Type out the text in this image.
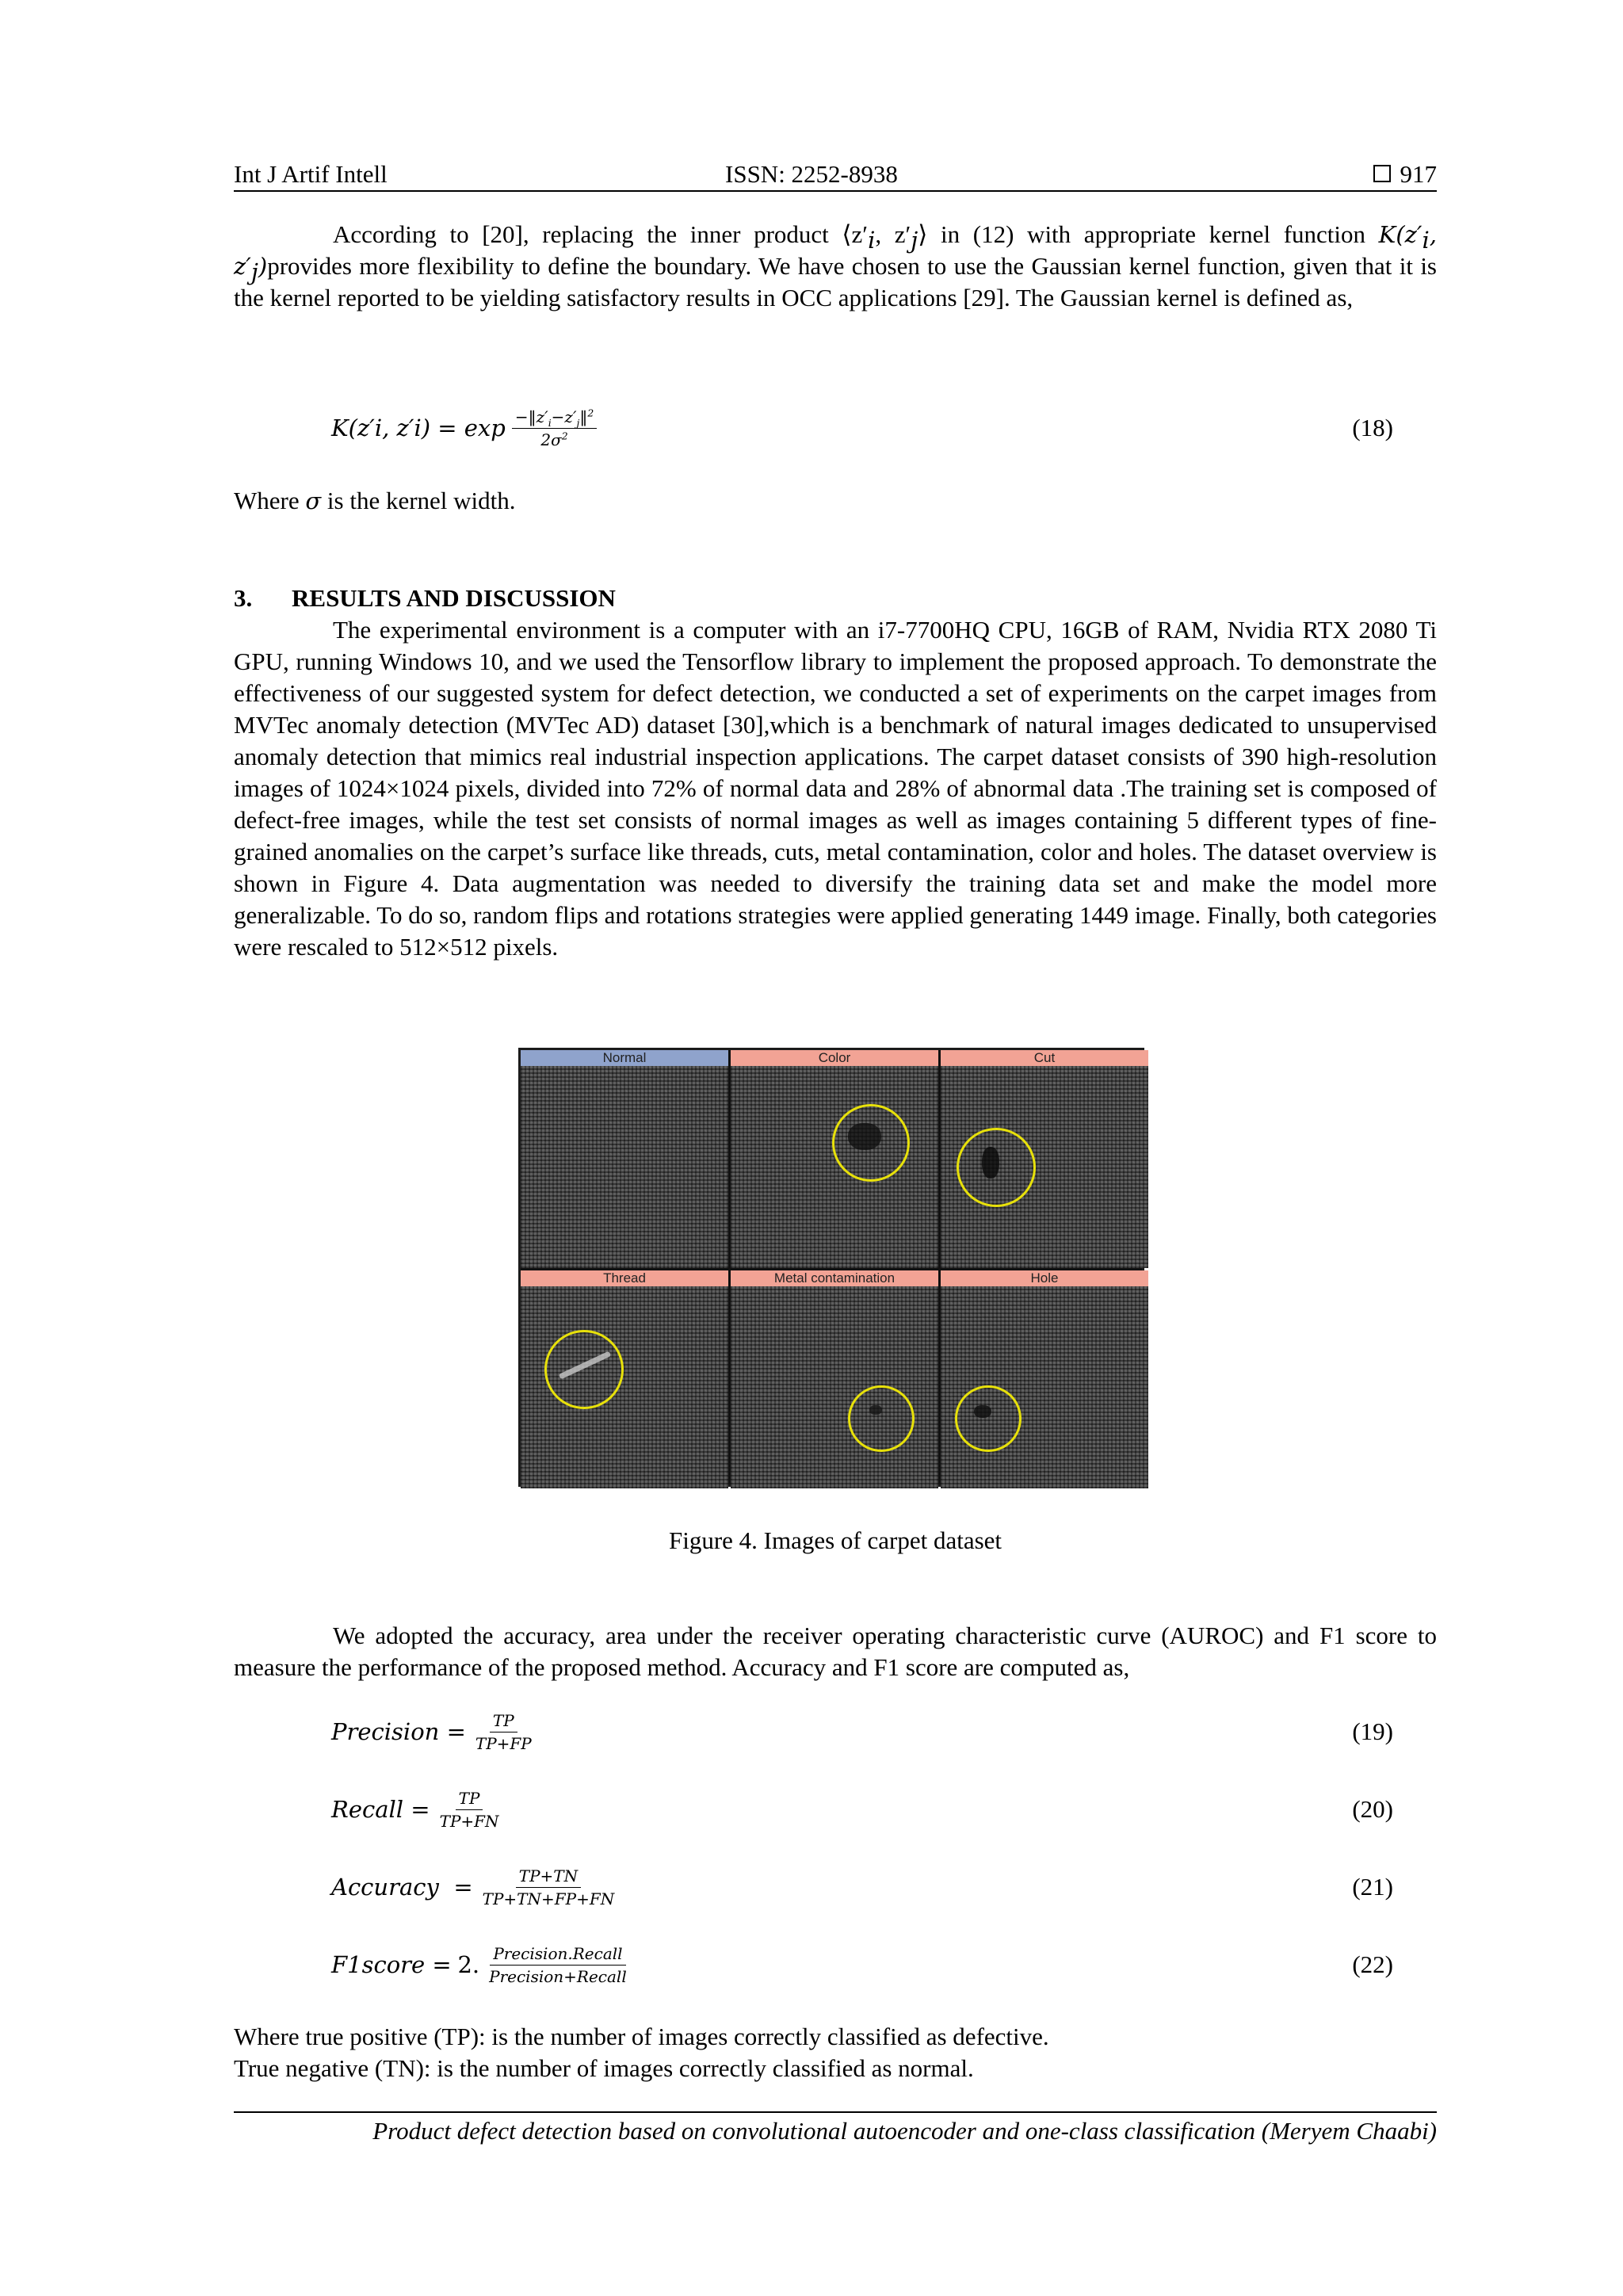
Int J Artif Intell	ISSN: 2252-8938	917

According to [20], replacing the inner product $⟨z'_i$, $z'_j⟩$ in (12) with appropriate kernel function $K(z'_i$, $z'_j)provides$ more flexibility to define the boundary. We have chosen to use the Gaussian kernel function, given that it is the kernel reported to be yielding satisfactory results in OCC applications [29]. The Gaussian kernel is defined as,

K(z′ i , z′ i ) = $\exp \frac{-‖z'_i-z'_j‖^2}{2\sigma^2}$	(18)

Where σ is the kernel width.

3. RESULTS AND DISCUSSION

The experimental environment is a computer with an i7-7700HQ CPU, 16GB of RAM, Nvidia RTX 2080 Ti GPU, running Windows 10, and we used the Tensorflow library to implement the proposed approach. To demonstrate the effectiveness of our suggested system for defect detection, we conducted a set of experiments on the carpet images from MVTec anomaly detection (MVTec AD) dataset [30],which is a benchmark of natural images dedicated to unsupervised anomaly detection that mimics real industrial inspection applications. The carpet dataset consists of 390 high-resolution images of 1024×1024 pixels, divided into 72% of normal data and 28% of abnormal data .The training set is composed of defect-free images, while the test set consists of normal images as well as images containing 5 different types of fine-grained anomalies on the carpet’s surface like threads, cuts, metal contamination, color and holes. The dataset overview is shown in Figure 4. Data augmentation was needed to diversify the training data set and make the model more generalizable. To do so, random flips and rotations strategies were applied generating 1449 image. Finally, both categories were rescaled to 512×512 pixels.

Normal	Color	Cut
Thread	Metal contamination	Hole
Figure 4. Images of carpet dataset

We adopted the accuracy, area under the receiver operating characteristic curve (AUROC) and F1 score to measure the performance of the proposed method. Accuracy and F1 score are computed as,

Precision = $\frac{TP}{TP+FP}$	(19)
Recall = $\frac{TP}{TP+FN}$	(20)
Accuracy  = $\frac{TP+TN}{TP+TN+FP+FN}$	(21)
F1score =
2. $\frac{\text{Precision.Recall}}{\text{Precision+Recall}}$	(22)

Where true positive (TP): is the number of images correctly classified as defective.

True negative (TN): is the number of images correctly classified as normal.

Product defect detection based on convolutional autoencoder and one-class classification (Meryem Chaabi)
